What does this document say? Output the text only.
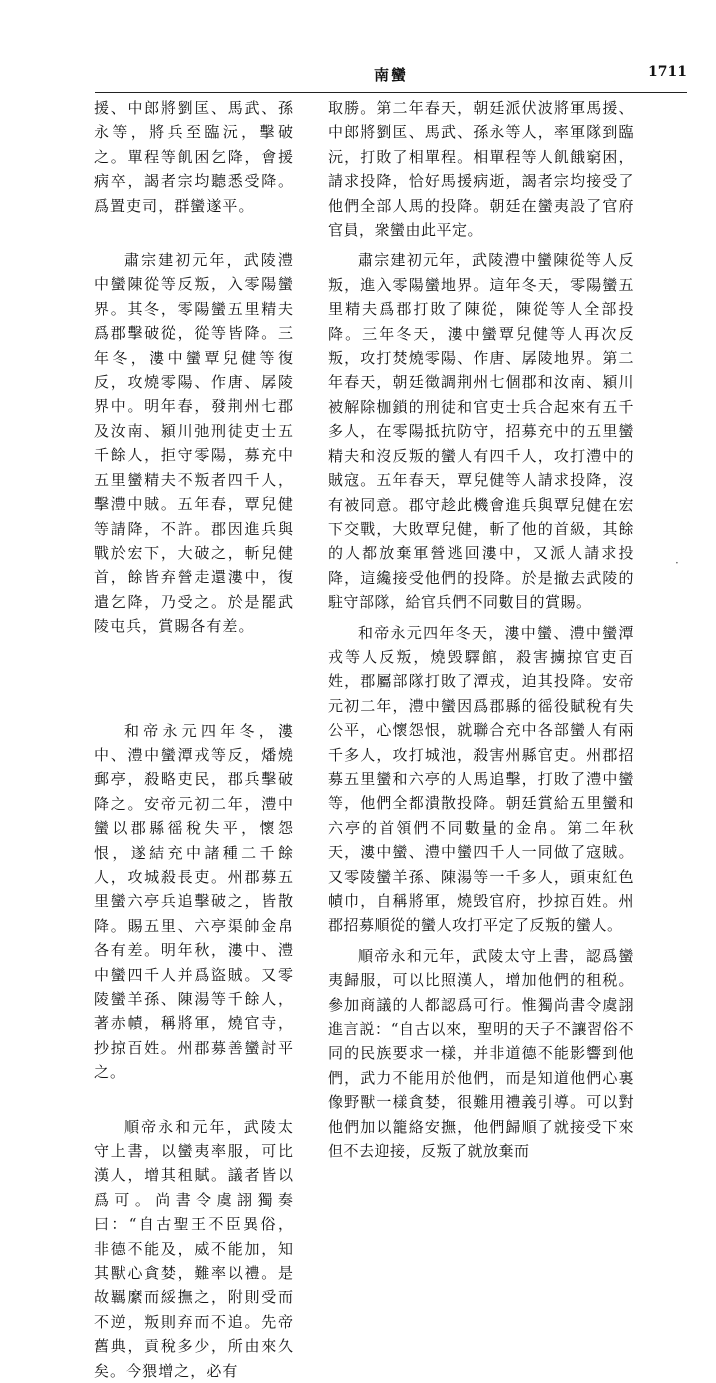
南蠻	1711

援、中郎將劉匡、馬武、孫永等，將兵至臨沅，擊破之。單程等飢困乞降，會援病卒，謁者宗均聽悉受降。爲置吏司，群蠻遂平。

肅宗建初元年，武陵澧中蠻陳從等反叛，入零陽蠻界。其冬，零陽蠻五里精夫爲郡擊破從，從等皆降。三年冬，漊中蠻覃兒健等復反，攻燒零陽、作唐、孱陵界中。明年春，發荆州七郡及汝南、潁川弛刑徒吏士五千餘人，拒守零陽，募充中五里蠻精夫不叛者四千人，擊澧中賊。五年春，覃兒健等請降，不許。郡因進兵與戰於宏下，大破之，斬兒健首，餘皆弃營走還漊中，復遣乞降，乃受之。於是罷武陵屯兵，賞賜各有差。

和帝永元四年冬，漊中、澧中蠻潭戎等反，燔燒郵亭，殺略吏民，郡兵擊破降之。安帝元初二年，澧中蠻以郡縣徭稅失平，懷怨恨，遂結充中諸種二千餘人，攻城殺長吏。州郡募五里蠻六亭兵追擊破之，皆散降。賜五里、六亭渠帥金帛各有差。明年秋，漊中、澧中蠻四千人并爲盜賊。又零陵蠻羊孫、陳湯等千餘人，著赤幘，稱將軍，燒官寺，抄掠百姓。州郡募善蠻討平之。

順帝永和元年，武陵太守上書，以蠻夷率服，可比漢人，增其租賦。議者皆以爲可。尚書令虞詡獨奏曰：“自古聖王不臣異俗，非德不能及，威不能加，知其獸心貪婪，難率以禮。是故羈縻而綏撫之，附則受而不逆，叛則弃而不追。先帝舊典，貢稅多少，所由來久矣。今猥增之，必有

取勝。第二年春天，朝廷派伏波將軍馬援、中郎將劉匡、馬武、孫永等人，率軍隊到臨沅，打敗了相單程。相單程等人飢餓窮困，請求投降，恰好馬援病逝，謁者宗均接受了他們全部人馬的投降。朝廷在蠻夷設了官府官員，衆蠻由此平定。

肅宗建初元年，武陵澧中蠻陳從等人反叛，進入零陽蠻地界。這年冬天，零陽蠻五里精夫爲郡打敗了陳從，陳從等人全部投降。三年冬天，漊中蠻覃兒健等人再次反叛，攻打焚燒零陽、作唐、孱陵地界。第二年春天，朝廷徵調荆州七個郡和汝南、潁川被解除枷鎖的刑徒和官吏士兵合起來有五千多人，在零陽抵抗防守，招募充中的五里蠻精夫和沒反叛的蠻人有四千人，攻打澧中的賊寇。五年春天，覃兒健等人請求投降，沒有被同意。郡守趁此機會進兵與覃兒健在宏下交戰，大敗覃兒健，斬了他的首級，其餘的人都放棄軍營逃回漊中，又派人請求投降，這纔接受他們的投降。於是撤去武陵的駐守部隊，給官兵們不同數目的賞賜。

和帝永元四年冬天，漊中蠻、澧中蠻潭戎等人反叛，燒毁驛館，殺害擄掠官吏百姓，郡屬部隊打敗了潭戎，迫其投降。安帝元初二年，澧中蠻因爲郡縣的徭役賦稅有失公平，心懷怨恨，就聯合充中各部蠻人有兩千多人，攻打城池，殺害州縣官吏。州郡招募五里蠻和六亭的人馬追擊，打敗了澧中蠻等，他們全都潰散投降。朝廷賞給五里蠻和六亭的首領們不同數量的金帛。第二年秋天，漊中蠻、澧中蠻四千人一同做了寇賊。又零陵蠻羊孫、陳湯等一千多人，頭束紅色幘巾，自稱將軍，燒毁官府，抄掠百姓。州郡招募順從的蠻人攻打平定了反叛的蠻人。

順帝永和元年，武陵太守上書，認爲蠻夷歸服，可以比照漢人，增加他們的租税。參加商議的人都認爲可行。惟獨尚書令虞詡進言説：“自古以來，聖明的天子不讓習俗不同的民族要求一樣，并非道德不能影響到他們，武力不能用於他們，而是知道他們心裏像野獸一樣貪婪，很難用禮義引導。可以對他們加以籠絡安撫，他們歸順了就接受下來但不去迎接，反叛了就放棄而

·
